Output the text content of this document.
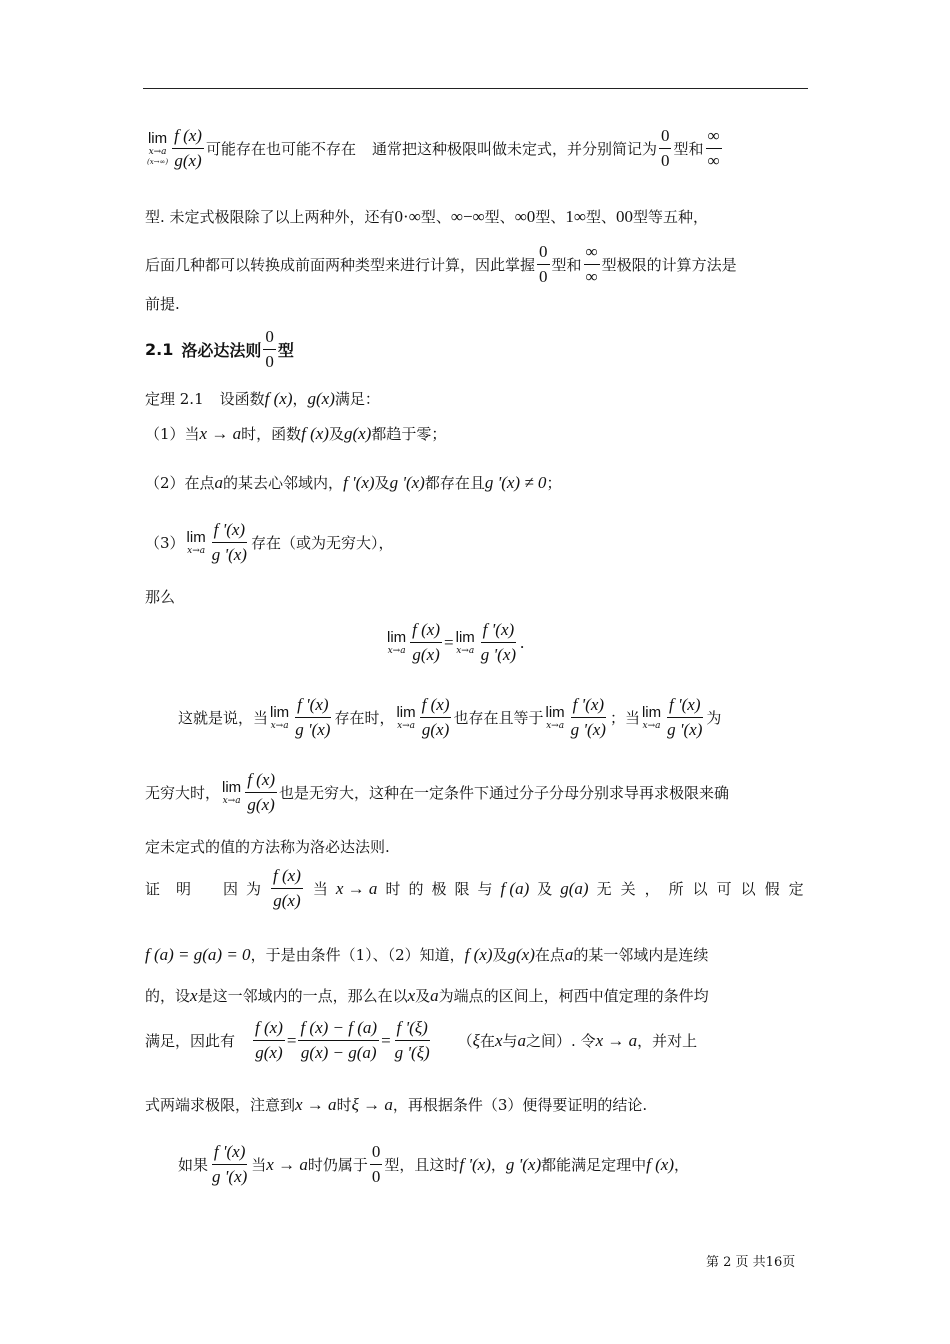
lim
x→a
$(x\to\infty) \frac{f (x)}{g(x)}$ 可能存在也可能不存在 通常把这种极限叫做未定式，并分别简记为 $\frac{0}{0}$ 型和 $\frac{\infty}{\infty}$
型. 未定式极限除了以上两种外，还有 0·∞ 型、 ∞−∞ 型、 ∞0 型、 1∞ 型、 00 型等五种，
后面几种都可以转换成前面两种类型来进行计算，因此掌握 $\frac{0}{0}$ 型和 $\frac{\infty}{\infty}$ 型极限的计算方法是
前提.
2.1 洛必达法则 $\frac{0}{0}$ 型
定理 2.1 设函数 f (x) ， g(x) 满足：
（1）当 x → a 时，函数 f (x) 及 g(x) 都趋于零；
（2）在点 a 的某去心邻域内， f '(x) 及 g '(x) 都存在且 g '(x) ≠ 0 ；
（3） lim
$x\to a \frac{f '(x)}{g '(x)}$ 存在（或为无穷大），
那么
lim
$x\to a \frac{f (x)}{g(x)} = \lim$
$x\to a \frac{f '(x)}{g '(x)}$ .
这就是说，当 lim
$x\to a \frac{f '(x)}{g '(x)}$ 存在时， lim
$x\to a \frac{f (x)}{g(x)}$ 也存在且等于 lim
$x\to a \frac{f '(x)}{g '(x)}$ ；当 lim
$x\to a \frac{f '(x)}{g '(x)}$ 为
无穷大时， lim
$x\to a \frac{f (x)}{g(x)}$ 也是无穷大，这种在一定条件下通过分子分母分别求导再求极限来确
定未定式的值的方法称为洛必达法则.
证明 因为 $\frac{f (x)}{g(x)}$ 当 x → a 时的极限与 f (a) 及 g(a) 无关，所以可以假定
f (a) = g(a) = 0 ，于是由条件（1）、（2）知道， f (x) 及 g(x) 在点 a 的某一邻域内是连续
的，设 x 是这一邻域内的一点，那么在以 x 及 a 为端点的区间上，柯西中值定理的条件均
满足，因此有 $\frac{f (x)}{g(x)} = \frac{f (x) - f (a)}{g(x) - g(a)} = \frac{f '(\xi)}{g '(\xi)}$ （ ξ 在 x 与 a 之间）. 令 x → a ，并对上
式两端求极限，注意到 x → a 时 ξ → a ，再根据条件（3）便得要证明的结论.
如果 $\frac{f '(x)}{g '(x)}$ 当 x → a 时仍属于 $\frac{0}{0}$ 型，且这时 f '(x) ， g '(x) 都能满足定理中 f (x) ，
第 2 页 共16页
